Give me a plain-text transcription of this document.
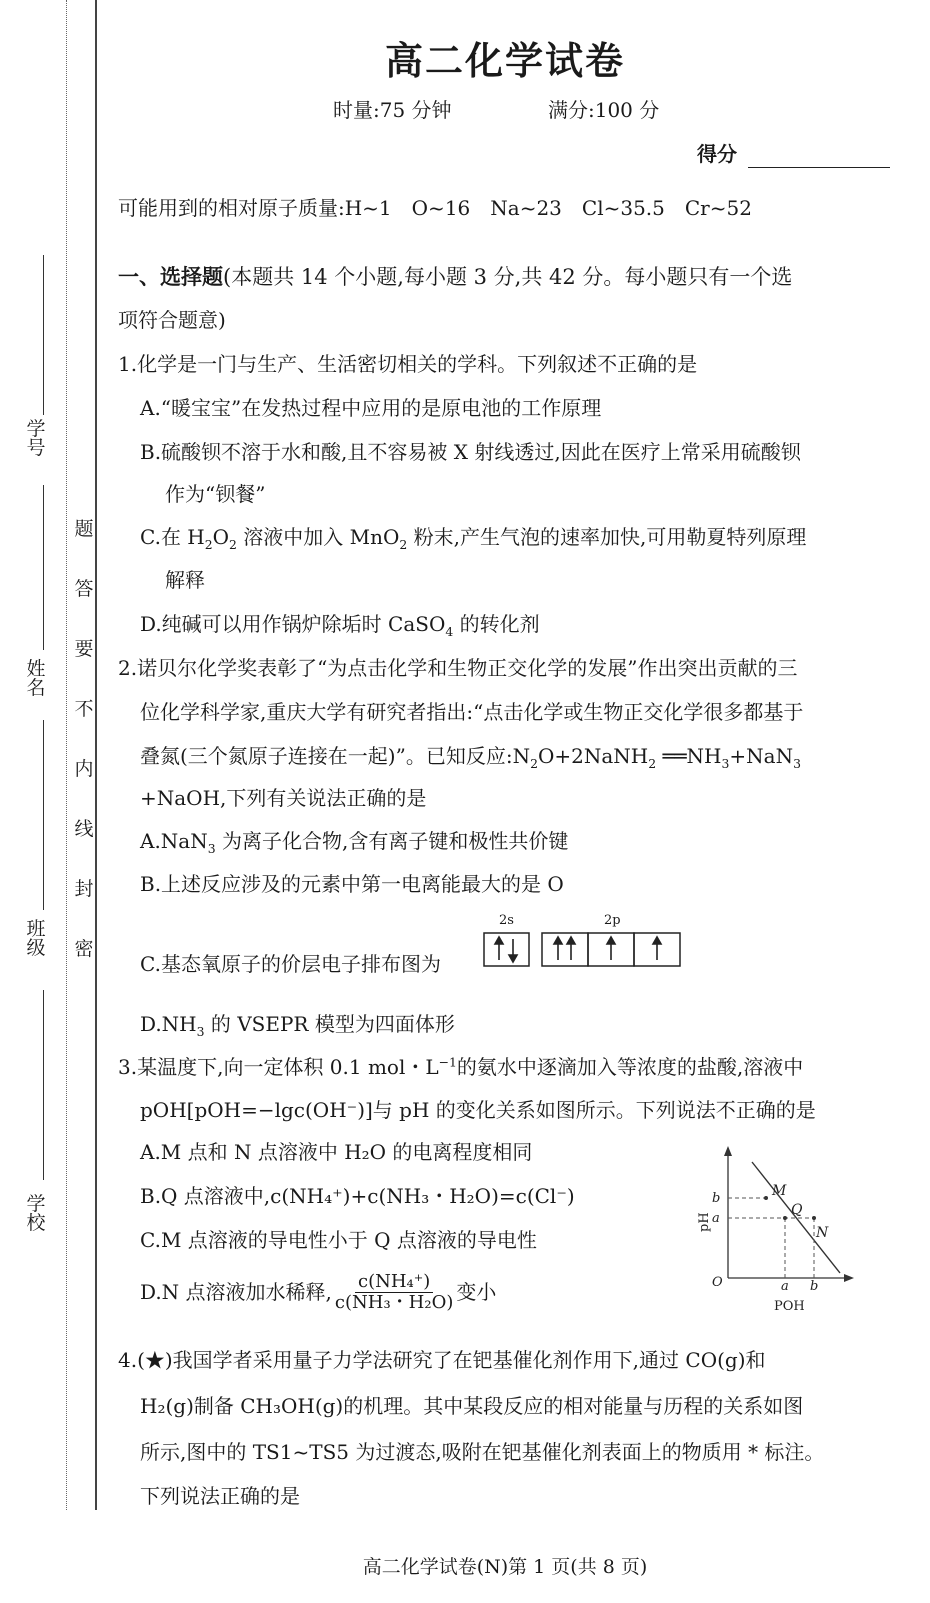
学校
班级
姓名
学号
密
封
线
内
不
要
答
题
高二化学试卷
时量:75 分钟	满分:100 分
得分
可能用到的相对原子质量:H~1　O~16　Na~23　Cl~35.5　Cr~52
一、选择题(本题共 14 个小题,每小题 3 分,共 42 分。每小题只有一个选
项符合题意)
1.化学是一门与生产、生活密切相关的学科。下列叙述不正确的是
A.“暖宝宝”在发热过程中应用的是原电池的工作原理
B.硫酸钡不溶于水和酸,且不容易被 X 射线透过,因此在医疗上常采用硫酸钡
作为“钡餐”
C.在 $H_2O_2$ 溶液中加入 MnO$_2$ 粉末,产生气泡的速率加快,可用勒夏特列原理
解释
D.纯碱可以用作锅炉除垢时 CaSO$_4$ 的转化剂
2.诺贝尔化学奖表彰了“为点击化学和生物正交化学的发展”作出突出贡献的三
位化学科学家,重庆大学有研究者指出:“点击化学或生物正交化学很多都基于
叠氮(三个氮原子连接在一起)”。已知反应$:N_2O+2NaNH_2$ $══NH_3+NaN_3$
+NaOH,下列有关说法正确的是
A.NaN$_3$ 为离子化合物,含有离子键和极性共价键
B.上述反应涉及的元素中第一电离能最大的是 O
C.基态氧原子的价层电子排布图为
2s	2p
$D.NH_3$ 的 VSEPR 模型为四面体形
3.某温度下,向一定体积 0.1 mol・$L^{-1}$的氨水中逐滴加入等浓度的盐酸,溶液中
pOH[pOH=−lgc(OH⁻)]与 pH 的变化关系如图所示。下列说法不正确的是
A.M 点和 N 点溶液中 H₂O 的电离程度相同
B.Q 点溶液中,c(NH₄⁺)+c(NH₃・H₂O)=c(Cl⁻)
C.M 点溶液的导电性小于 Q 点溶液的导电性
D.N 点溶液加水稀释, $\frac{\text{c(NH₄⁺)}}{\text{c(NH₃・H₂O)}}$ 变小
M
Q
N
b
a
O	a b
POH
pH
4.(★)我国学者采用量子力学法研究了在钯基催化剂作用下,通过 CO(g)和
H₂(g)制备 CH₃OH(g)的机理。其中某段反应的相对能量与历程的关系如图
所示,图中的 TS1~TS5 为过渡态,吸附在钯基催化剂表面上的物质用 * 标注。
下列说法正确的是
高二化学试卷(N)第 1 页(共 8 页)
